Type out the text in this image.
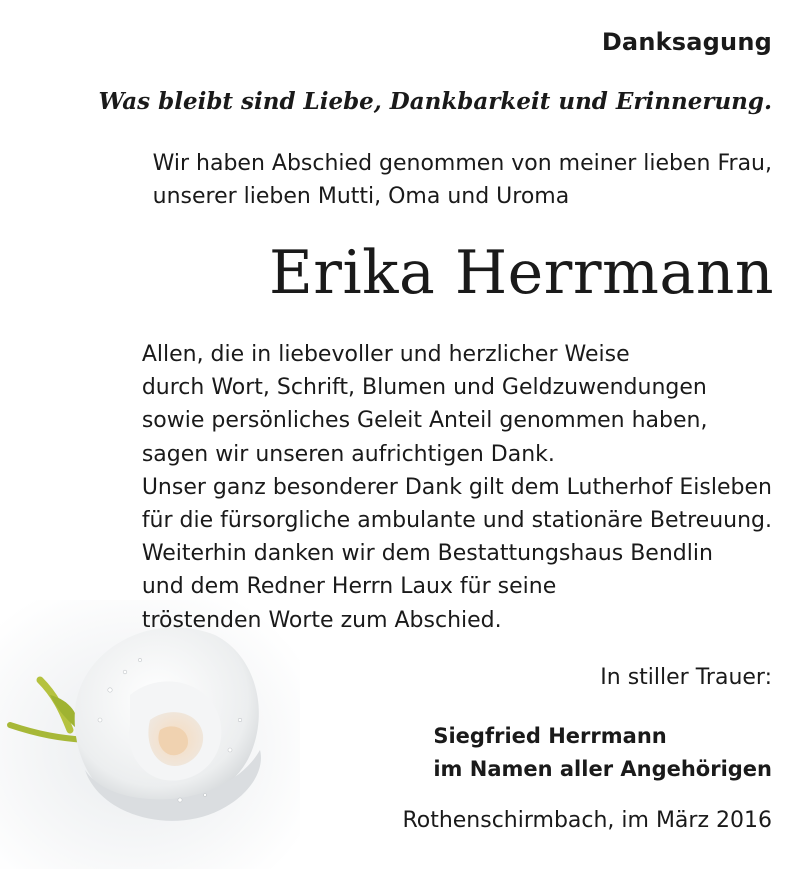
Danksagung
Was bleibt sind Liebe, Dankbarkeit und Erinnerung.
Wir haben Abschied genommen von meiner lieben Frau,
unserer lieben Mutti, Oma und Uroma
Erika Herrmann
Allen, die in liebevoller und herzlicher Weise
durch Wort, Schrift, Blumen und Geldzuwendungen
sowie persönliches Geleit Anteil genommen haben,
sagen wir unseren aufrichtigen Dank.
Unser ganz besonderer Dank gilt dem Lutherhof Eisleben
für die fürsorgliche ambulante und stationäre Betreuung.
Weiterhin danken wir dem Bestattungshaus Bendlin
und dem Redner Herrn Laux für seine
tröstenden Worte zum Abschied.
In stiller Trauer:
Siegfried Herrmann
im Namen aller Angehörigen
Rothenschirmbach, im März 2016
